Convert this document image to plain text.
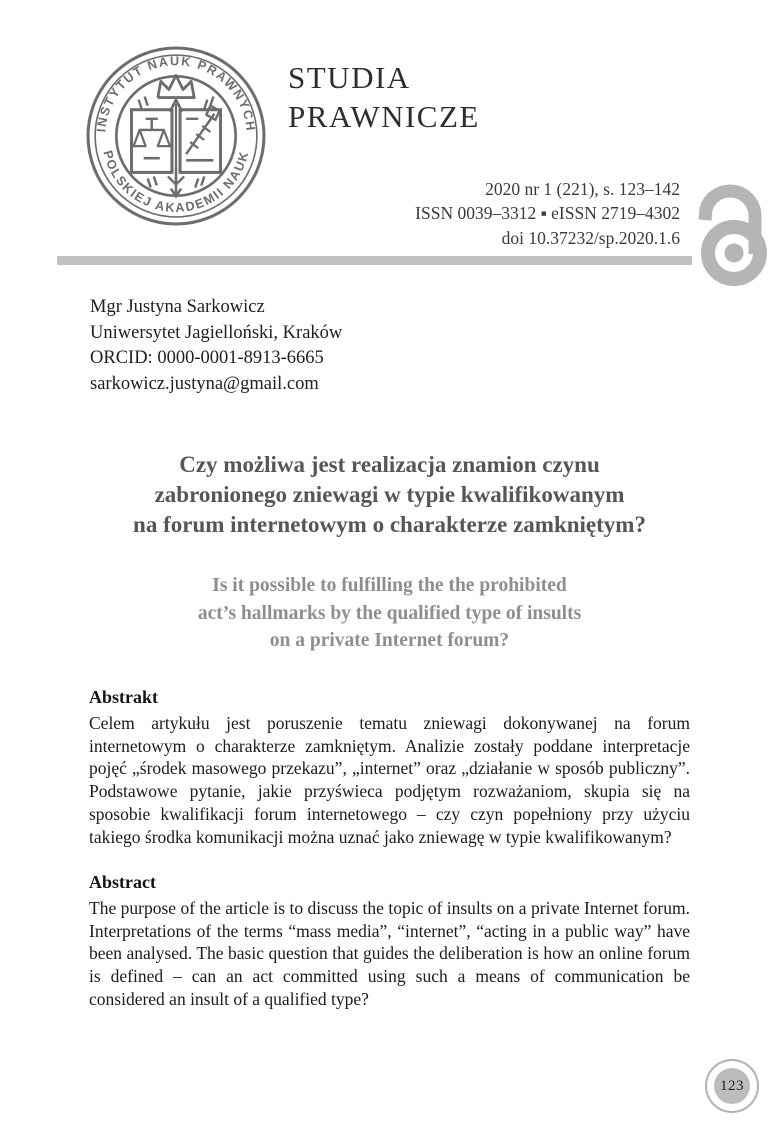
INSTYTUT NAUK PRAWNYCH
POLSKIEJ AKADEMII NAUK
STUDIA
PRAWNICZE
2020 nr 1 (221), s. 123–142
ISSN 0039–3312 ▪ eISSN 2719–4302
doi 10.37232/sp.2020.1.6
Mgr Justyna Sarkowicz
Uniwersytet Jagielloński, Kraków
ORCID: 0000-0001-8913-6665
sarkowicz.justyna@gmail.com
Czy możliwa jest realizacja znamion czynu
zabronionego zniewagi w typie kwalifikowanym
na forum internetowym o charakterze zamkniętym?
Is it possible to fulfilling the the prohibited
act’s hallmarks by the qualified type of insults
on a private Internet forum?
Abstrakt
Celem artykułu jest poruszenie tematu zniewagi dokonywanej na forum internetowym o charakterze zamkniętym. Analizie zostały poddane interpretacje pojęć „środek masowego przekazu”, „internet” oraz „działanie w sposób publiczny”. Podstawowe pytanie, jakie przyświeca podjętym rozważaniom, skupia się na sposobie kwalifikacji forum internetowego – czy czyn popełniony przy użyciu takiego środka komunikacji można uznać jako zniewagę w typie kwalifikowanym?
Abstract
The purpose of the article is to discuss the topic of insults on a private Internet forum. Interpretations of the terms “mass media”, “internet”, “acting in a public way” have been analysed. The basic question that guides the deliberation is how an online forum is defined – can an act committed using such a means of communication be considered an insult of a qualified type?
123
